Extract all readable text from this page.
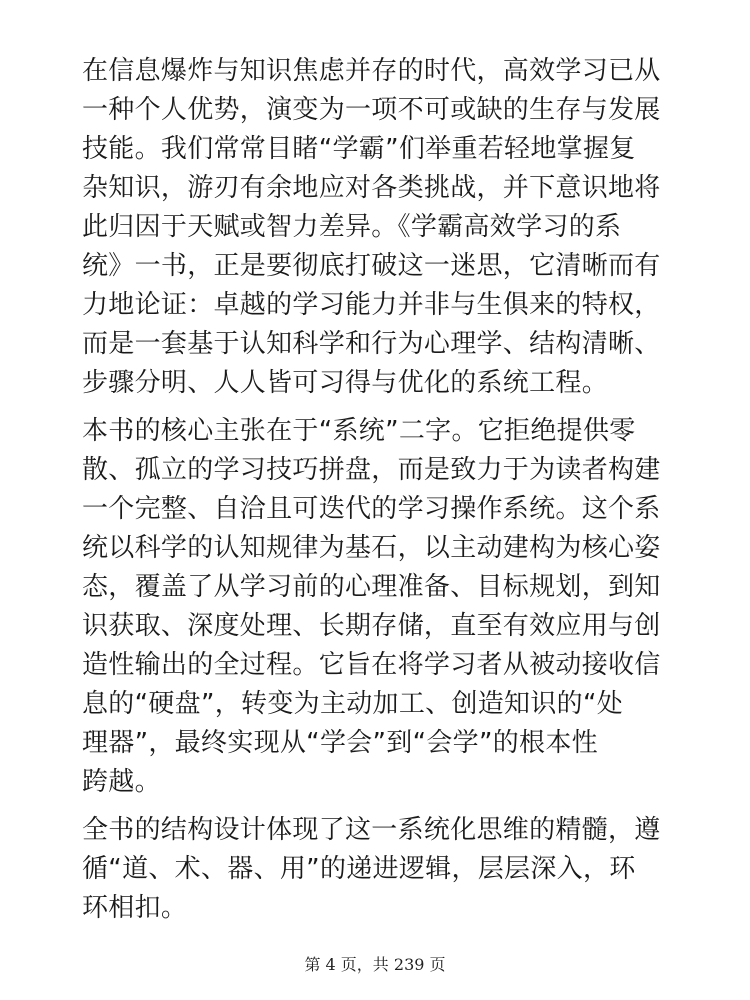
在信息爆炸与知识焦虑并存的时代，高效学习已从
一种个人优势，演变为一项不可或缺的生存与发展
技能。我们常常目睹“学霸”们举重若轻地掌握复
杂知识，游刃有余地应对各类挑战，并下意识地将
此归因于天赋或智力差异。《学霸高效学习的系
统》一书，正是要彻底打破这一迷思，它清晰而有
力地论证：卓越的学习能力并非与生俱来的特权，
而是一套基于认知科学和行为心理学、结构清晰、
步骤分明、人人皆可习得与优化的系统工程。

本书的核心主张在于“系统”二字。它拒绝提供零
散、孤立的学习技巧拼盘，而是致力于为读者构建
一个完整、自洽且可迭代的学习操作系统。这个系
统以科学的认知规律为基石，以主动建构为核心姿
态，覆盖了从学习前的心理准备、目标规划，到知
识获取、深度处理、长期存储，直至有效应用与创
造性输出的全过程。它旨在将学习者从被动接收信
息的“硬盘”，转变为主动加工、创造知识的“处
理器”，最终实现从“学会”到“会学”的根本性
跨越。

全书的结构设计体现了这一系统化思维的精髓，遵
循“道、术、器、用”的递进逻辑，层层深入，环
环相扣。

第 4 页，共 239 页
